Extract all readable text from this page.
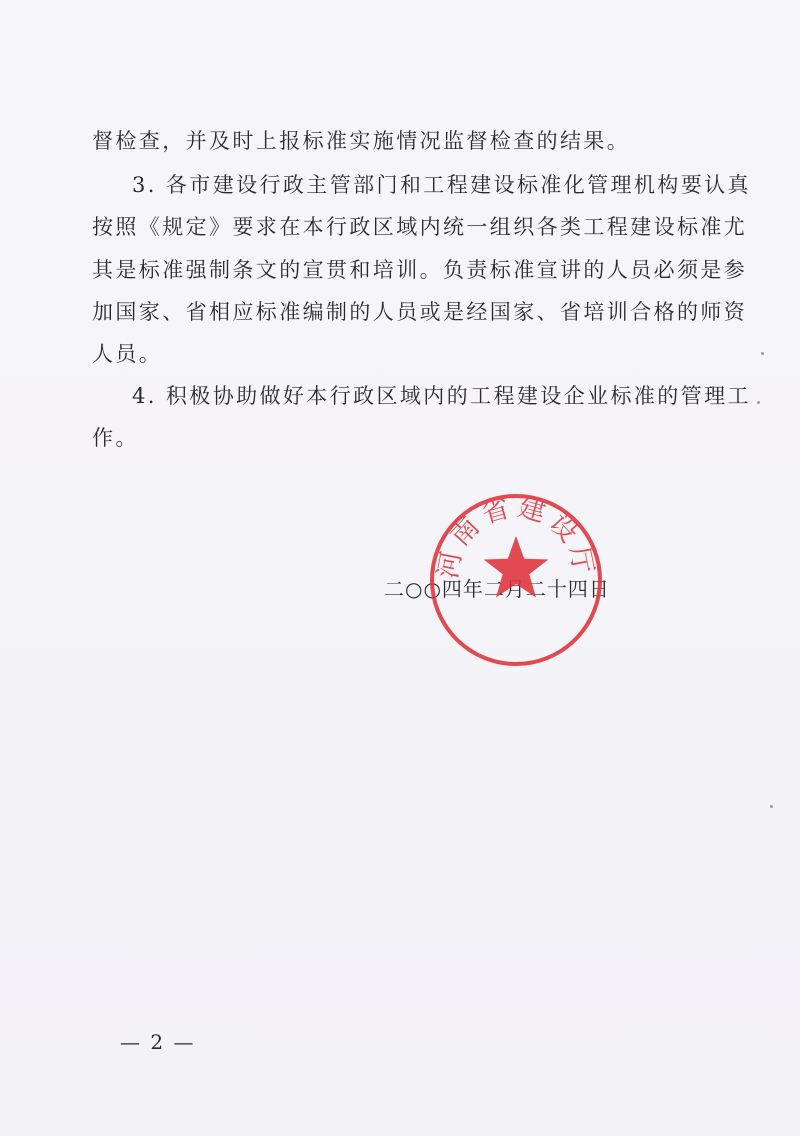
督检查，并及时上报标准实施情况监督检查的结果。
3. 各市建设行政主管部门和工程建设标准化管理机构要认真
按照《规定》要求在本行政区域内统一组织各类工程建设标准尤
其是标准强制条文的宣贯和培训。负责标准宣讲的人员必须是参
加国家、省相应标准编制的人员或是经国家、省培训合格的师资
人员。
4. 积极协助做好本行政区域内的工程建设企业标准的管理工
作。
二○○四年二月二十四日
河南省建设厅
— 2 —
